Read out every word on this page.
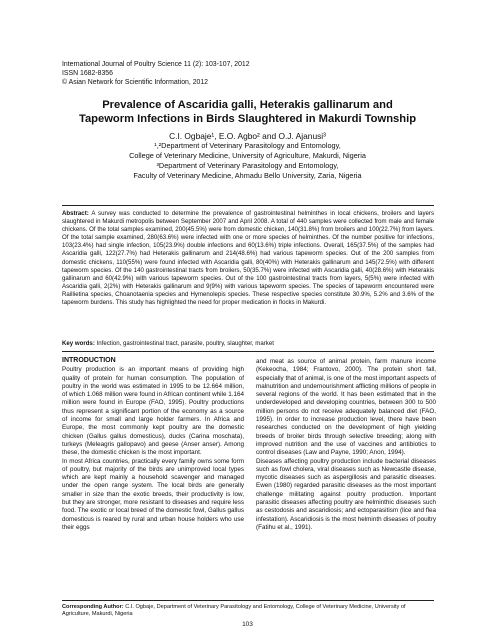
International Journal of Poultry Science 11 (2): 103-107, 2012
ISSN 1682-8356
© Asian Network for Scientific Information, 2012
Prevalence of Ascaridia galli, Heterakis gallinarum and
Tapeworm Infections in Birds Slaughtered in Makurdi Township
C.I. Ogbaje¹, E.O. Agbo² and O.J. Ajanusi³
¹,²Department of Veterinary Parasitology and Entomology,
College of Veterinary Medicine, University of Agriculture, Makurdi, Nigeria
³Department of Veterinary Parasitology and Entomology,
Faculty of Veterinary Medicine, Ahmadu Bello University, Zaria, Nigeria
Abstract: A survey was conducted to determine the prevalence of gastrointestinal helminthes in local chickens, broilers and layers slaughtered in Makurdi metropolis between September 2007 and April 2008. A total of 440 samples were collected from male and female chickens. Of the total samples examined, 200(45.5%) were from domestic chicken, 140(31.8%) from broilers and 100(22.7%) from layers. Of the total sample examined, 280(63.6%) were infected with one or more species of helminthes. Of the number positive for infections, 103(23.4%) had single infection, 105(23.9%) double infections and 60(13.6%) triple infections. Overall, 165(37.5%) of the samples had Ascaridia galli, 122(27.7%) had Heterakis gallinarum and 214(48.6%) had various tapeworm species. Out of the 200 samples from domestic chickens, 110(55%) were found infected with Ascaridia galli, 80(40%) with Heterakis gallinarum and 145(72.5%) with different tapeworm species. Of the 140 gastrointestinal tracts from broilers, 50(35.7%) were infected with Ascaridia galli, 40(28.6%) with Heterakis gallinarum and 60(42.9%) with various tapeworm species. Out of the 100 gastrointestinal tracts from layers, 5(5%) were infected with Ascaridia galli, 2(2%) with Heterakis gallinarum and 9(9%) with various tapeworm species. The species of tapeworm encountered were Raillietina species, Choanotaenia species and Hymenolepis species. These respective species constitute 30.9%, 5.2% and 3.6% of the tapeworm burdens. This study has highlighted the need for proper medication in flocks in Makurdi.
Key words: Infection, gastrointestinal tract, parasite, poultry, slaughter, market
INTRODUCTION
Poultry production is an important means of providing high quality of protein for human consumption. The population of poultry in the world was estimated in 1995 to be 12.664 million, of which 1.068 million were found in African continent while 1.164 million were found in Europe (FAO, 1995). Poultry productions thus represent a significant portion of the economy as a source of income for small and large holder farmers. In Africa and Europe, the most commonly kept poultry are the domestic chicken (Gallus gallus domesticus), ducks (Carina moschata), turkeys (Meleagris gallopavo) and geese (Anser anser). Among these, the domestic chicken is the most important.
In most Africa countries, practically every family owns some form of poultry, but majority of the birds are unimproved local types which are kept mainly a household scavenger and managed under the open range system. The local birds are generally smaller in size than the exotic breeds, their productivity is low, but they are stronger, more resistant to diseases and require less food. The exotic or local breed of the domestic fowl, Gallus gallus domesticus is reared by rural and urban house holders who use their eggs
and meat as source of animal protein, farm manure income (Kekeocha, 1984; Frantovo, 2000). The protein short fall, especially that of animal, is one of the most important aspects of malnutrition and undernourishment afflicting millions of people in several regions of the world. It has been estimated that in the underdeveloped and developing countries, between 300 to 500 million persons do not receive adequately balanced diet (FAO, 1995). In order to increase production level, there have been researches conducted on the development of high yielding breeds of broiler birds through selective breeding; along with improved nutrition and the use of vaccines and antibiotics to control diseases (Law and Payne, 1990; Anon, 1994).
Diseases affecting poultry production include bacterial diseases such as fowl cholera, viral diseases such as Newcastle disease, mycotic diseases such as aspergillosis and parasitic diseases. Ewen (1980) regarded parasitic diseases as the most important challenge militating against poultry production. Important parasitic diseases affecting poultry are helminthic diseases such as cestodosis and ascaridiosis; and ectoparasitism (lice and flea infestation). Ascaridiosis is the most helminth diseases of poultry (Fatihu et al., 1991).
Corresponding Author: C.I. Ogbaje, Department of Veterinary Parasitology and Entomology, College of Veterinary Medicine, University of Agriculture, Makurdi, Nigeria
103
